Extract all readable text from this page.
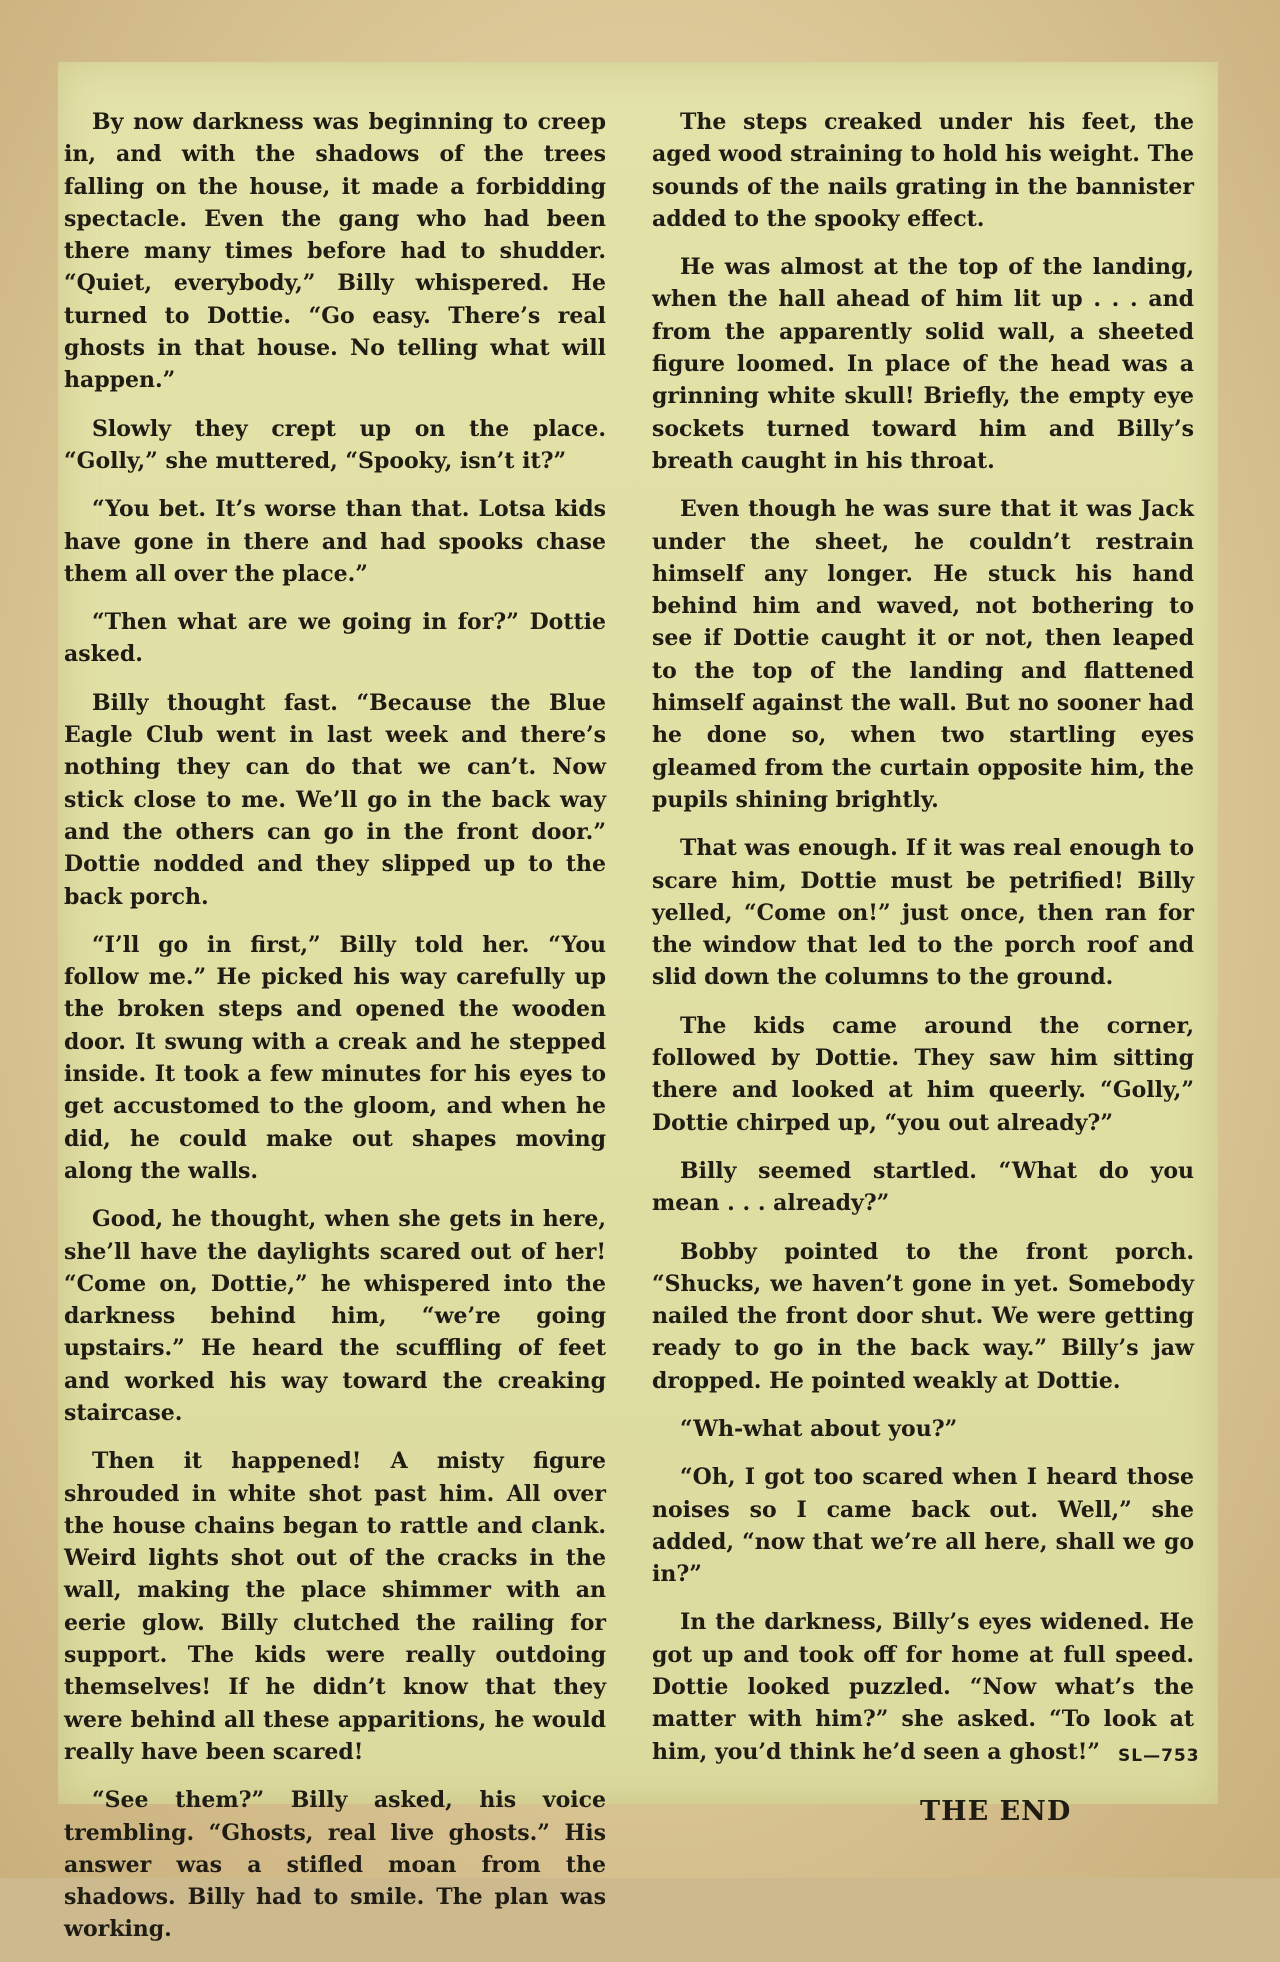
By now darkness was beginning to creep in, and with the shadows of the trees falling on the house, it made a forbidding spectacle. Even the gang who had been there many times before had to shudder. “Quiet, everybody,” Billy whispered. He turned to Dottie. “Go easy. There’s real ghosts in that house. No telling what will happen.”

Slowly they crept up on the place. “Golly,” she muttered, “Spooky, isn’t it?”

“You bet. It’s worse than that. Lotsa kids have gone in there and had spooks chase them all over the place.”

“Then what are we going in for?” Dottie asked.

Billy thought fast. “Because the Blue Eagle Club went in last week and there’s nothing they can do that we can’t. Now stick close to me. We’ll go in the back way and the others can go in the front door.” Dottie nodded and they slipped up to the back porch.

“I’ll go in first,” Billy told her. “You follow me.” He picked his way carefully up the broken steps and opened the wooden door. It swung with a creak and he stepped inside. It took a few minutes for his eyes to get accustomed to the gloom, and when he did, he could make out shapes moving along the walls.

Good, he thought, when she gets in here, she’ll have the daylights scared out of her! “Come on, Dottie,” he whispered into the darkness behind him, “we’re going upstairs.” He heard the scuffling of feet and worked his way toward the creaking staircase.

Then it happened! A misty figure shrouded in white shot past him. All over the house chains began to rattle and clank. Weird lights shot out of the cracks in the wall, making the place shimmer with an eerie glow. Billy clutched the railing for support. The kids were really outdoing themselves! If he didn’t know that they were behind all these apparitions, he would really have been scared!

“See them?” Billy asked, his voice trembling. “Ghosts, real live ghosts.” His answer was a stifled moan from the shadows. Billy had to smile. The plan was working.

The steps creaked under his feet, the aged wood straining to hold his weight. The sounds of the nails grating in the bannister added to the spooky effect.

He was almost at the top of the landing, when the hall ahead of him lit up . . . and from the apparently solid wall, a sheeted figure loomed. In place of the head was a grinning white skull! Briefly, the empty eye sockets turned toward him and Billy’s breath caught in his throat.

Even though he was sure that it was Jack under the sheet, he couldn’t restrain himself any longer. He stuck his hand behind him and waved, not bothering to see if Dottie caught it or not, then leaped to the top of the landing and flattened himself against the wall. But no sooner had he done so, when two startling eyes gleamed from the curtain opposite him, the pupils shining brightly.

That was enough. If it was real enough to scare him, Dottie must be petrified! Billy yelled, “Come on!” just once, then ran for the window that led to the porch roof and slid down the columns to the ground.

The kids came around the corner, followed by Dottie. They saw him sitting there and looked at him queerly. “Golly,” Dottie chirped up, “you out already?”

Billy seemed startled. “What do you mean . . . already?”

Bobby pointed to the front porch. “Shucks, we haven’t gone in yet. Somebody nailed the front door shut. We were getting ready to go in the back way.” Billy’s jaw dropped. He pointed weakly at Dottie.

“Wh-what about you?”

“Oh, I got too scared when I heard those noises so I came back out. Well,” she added, “now that we’re all here, shall we go in?”

In the darkness, Billy’s eyes widened. He got up and took off for home at full speed. Dottie looked puzzled. “Now what’s the matter with him?” she asked. “To look at him, you’d think he’d seen a ghost!”	SL—753
THE END
